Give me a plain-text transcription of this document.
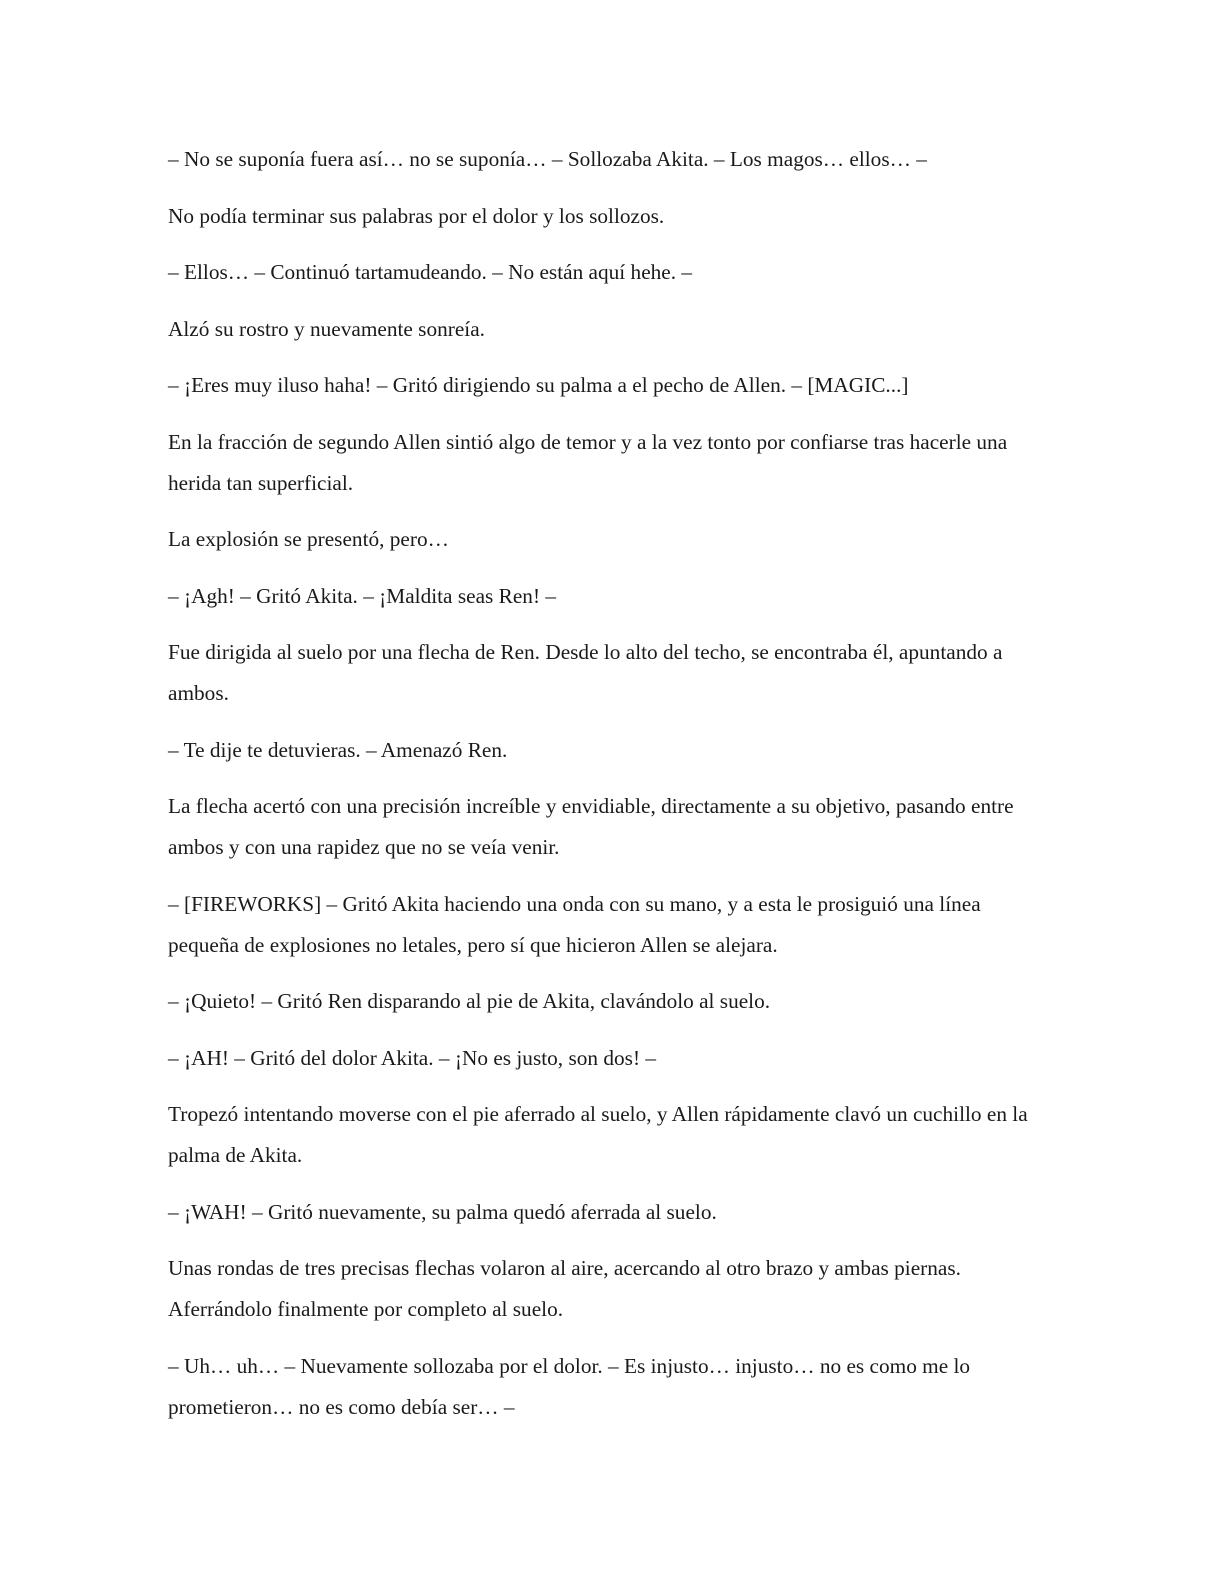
– No se suponía fuera así… no se suponía… – Sollozaba Akita. – Los magos… ellos… –

No podía terminar sus palabras por el dolor y los sollozos.

– Ellos… – Continuó tartamudeando. – No están aquí hehe. –

Alzó su rostro y nuevamente sonreía.

– ¡Eres muy iluso haha! – Gritó dirigiendo su palma a el pecho de Allen. – [MAGIC...]

En la fracción de segundo Allen sintió algo de temor y a la vez tonto por confiarse tras hacerle una herida tan superficial.

La explosión se presentó, pero…

– ¡Agh! – Gritó Akita. – ¡Maldita seas Ren! –

Fue dirigida al suelo por una flecha de Ren. Desde lo alto del techo, se encontraba él, apuntando a ambos.

– Te dije te detuvieras. – Amenazó Ren.

La flecha acertó con una precisión increíble y envidiable, directamente a su objetivo, pasando entre ambos y con una rapidez que no se veía venir.

– [FIREWORKS] – Gritó Akita haciendo una onda con su mano, y a esta le prosiguió una línea pequeña de explosiones no letales, pero sí que hicieron Allen se alejara.

– ¡Quieto! – Gritó Ren disparando al pie de Akita, clavándolo al suelo.

– ¡AH! – Gritó del dolor Akita. – ¡No es justo, son dos! –

Tropezó intentando moverse con el pie aferrado al suelo, y Allen rápidamente clavó un cuchillo en la palma de Akita.

– ¡WAH! – Gritó nuevamente, su palma quedó aferrada al suelo.

Unas rondas de tres precisas flechas volaron al aire, acercando al otro brazo y ambas piernas. Aferrándolo finalmente por completo al suelo.

– Uh… uh… – Nuevamente sollozaba por el dolor. – Es injusto… injusto… no es como me lo prometieron… no es como debía ser… –
